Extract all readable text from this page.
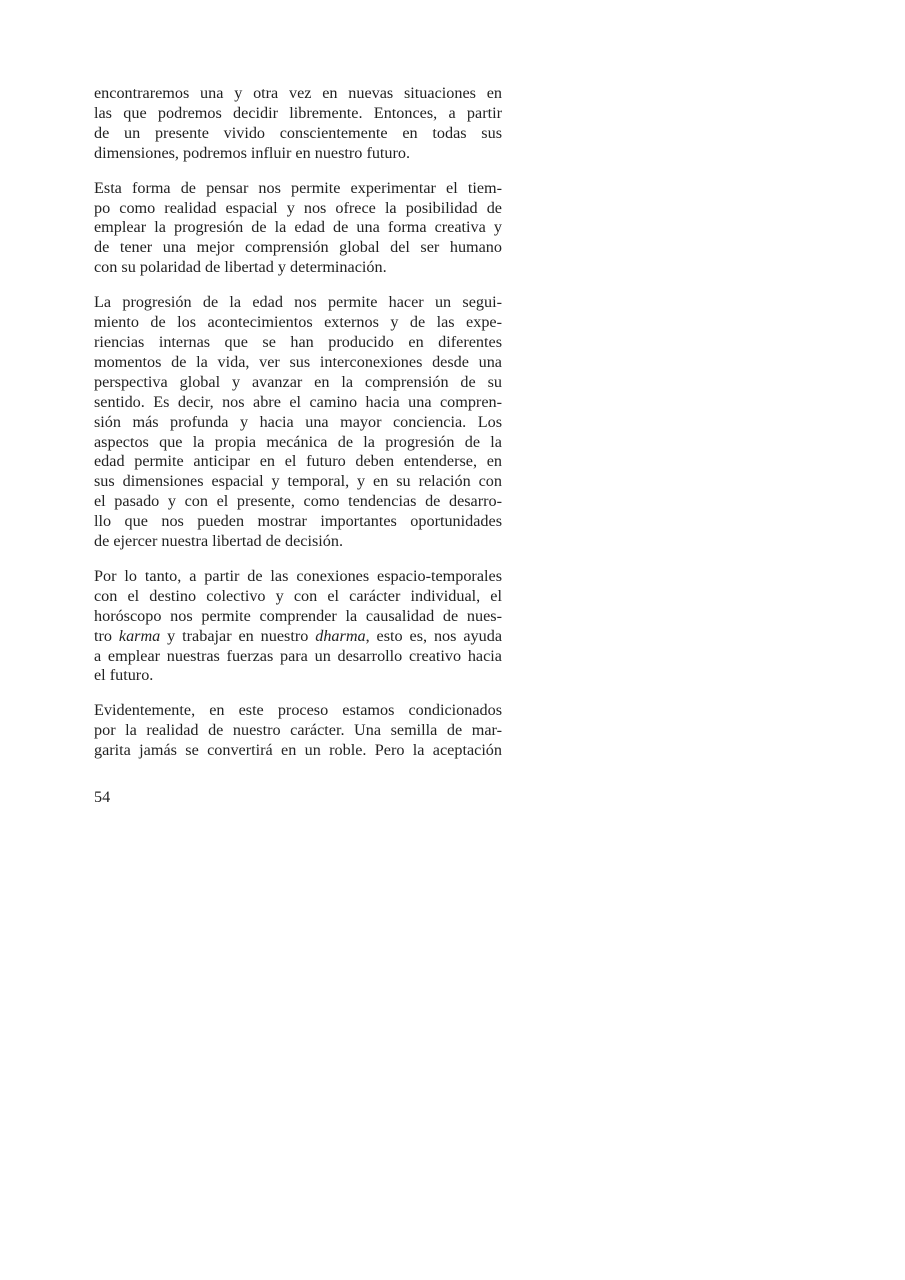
encontraremos una y otra vez en nuevas situaciones en
las que podremos decidir libremente. Entonces, a partir
de un presente vivido conscientemente en todas sus
dimensiones, podremos influir en nuestro futuro.
Esta forma de pensar nos permite experimentar el tiem-
po como realidad espacial y nos ofrece la posibilidad de
emplear la progresión de la edad de una forma creativa y
de tener una mejor comprensión global del ser humano
con su polaridad de libertad y determinación.
La progresión de la edad nos permite hacer un segui-
miento de los acontecimientos externos y de las expe-
riencias internas que se han producido en diferentes
momentos de la vida, ver sus interconexiones desde una
perspectiva global y avanzar en la comprensión de su
sentido. Es decir, nos abre el camino hacia una compren-
sión más profunda y hacia una mayor conciencia. Los
aspectos que la propia mecánica de la progresión de la
edad permite anticipar en el futuro deben entenderse, en
sus dimensiones espacial y temporal, y en su relación con
el pasado y con el presente, como tendencias de desarro-
llo que nos pueden mostrar importantes oportunidades
de ejercer nuestra libertad de decisión.
Por lo tanto, a partir de las conexiones espacio-temporales
con el destino colectivo y con el carácter individual, el
horóscopo nos permite comprender la causalidad de nues-
tro karma y trabajar en nuestro dharma, esto es, nos ayuda
a emplear nuestras fuerzas para un desarrollo creativo hacia
el futuro.
Evidentemente, en este proceso estamos condicionados
por la realidad de nuestro carácter. Una semilla de mar-
garita jamás se convertirá en un roble. Pero la aceptación
54
